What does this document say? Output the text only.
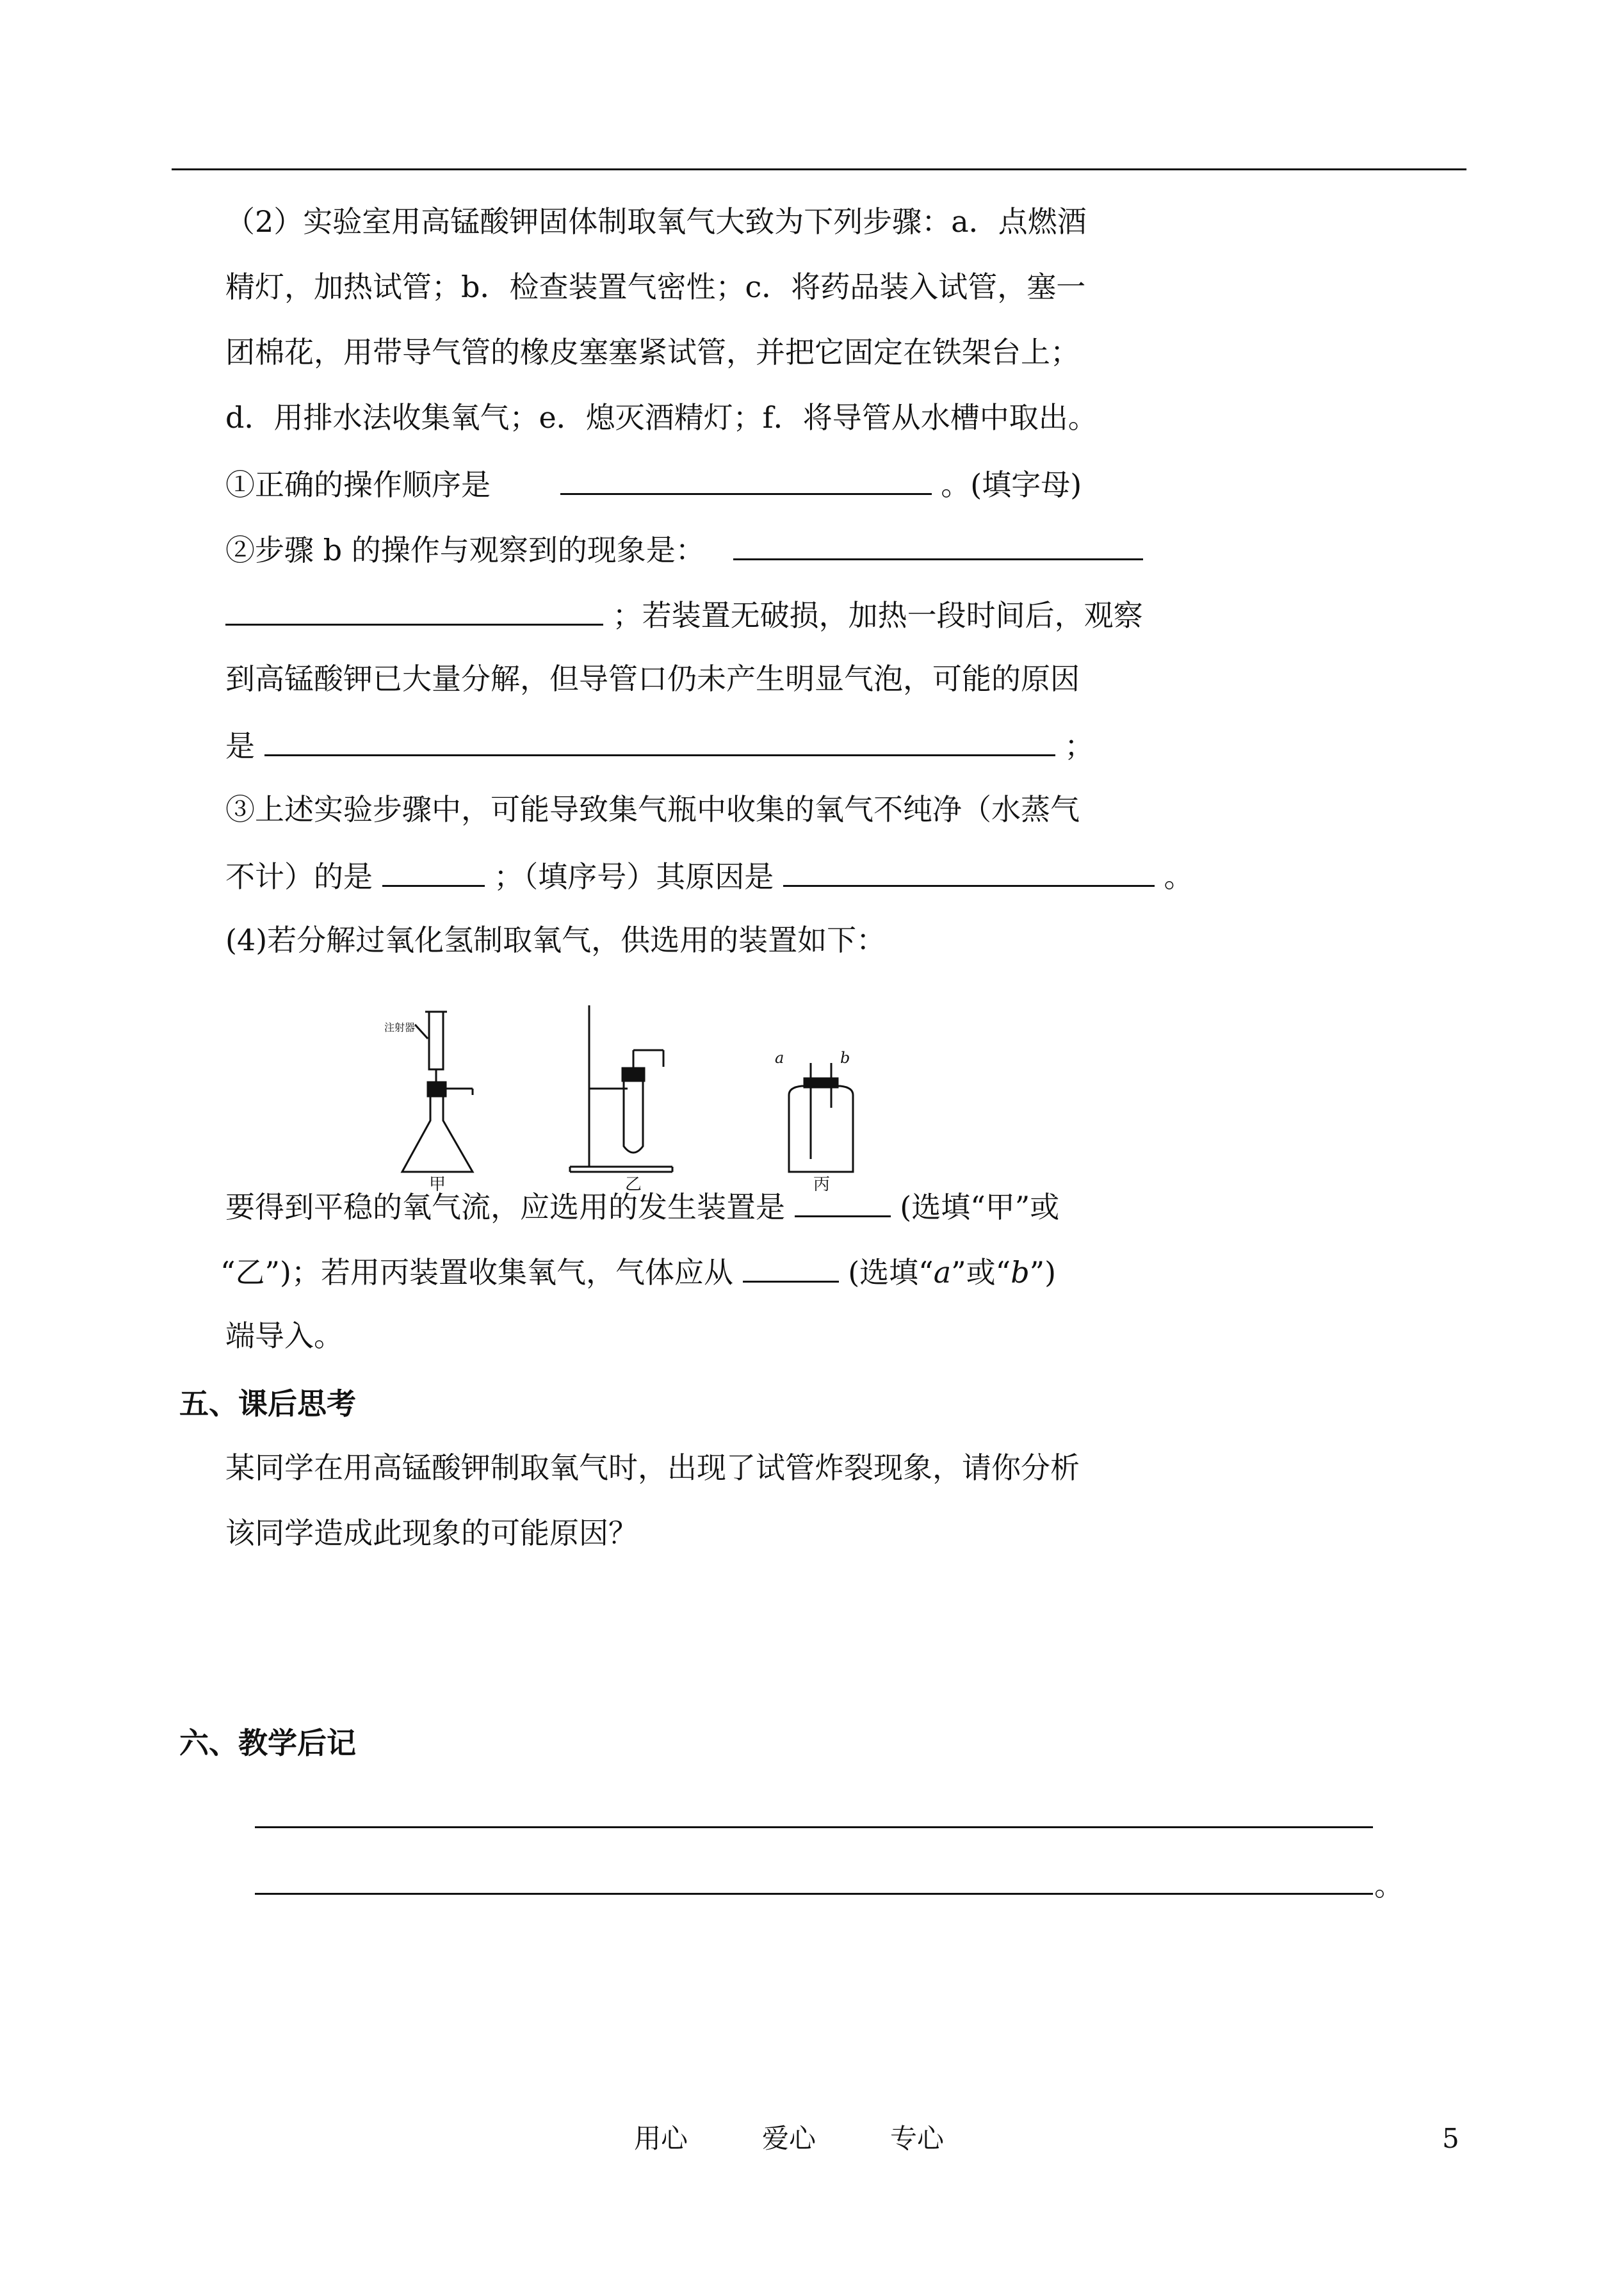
（2）实验室用高锰酸钾固体制取氧气大致为下列步骤：a．点燃酒
精灯，加热试管；b．检查装置气密性；c．将药品装入试管，塞一
团棉花，用带导气管的橡皮塞塞紧试管，并把它固定在铁架台上；
d．用排水法收集氧气；e．熄灭酒精灯；f．将导管从水槽中取出。
①正确的操作顺序是	。(填字母)
②步骤 b 的操作与观察到的现象是：
；若装置无破损，加热一段时间后，观察
到高锰酸钾已大量分解，但导管口仍未产生明显气泡，可能的原因
是	；
③上述实验步骤中，可能导致集气瓶中收集的氧气不纯净（水蒸气
不计）的是	；（填序号）其原因是	。
(4)若分解过氧化氢制取氧气，供选用的装置如下：
注射器
甲	乙
a	b
丙
要得到平稳的氧气流，应选用的发生装置是	(选填“甲”或
“乙”)；若用丙装置收集氧气，气体应从	(选填“a”或“b”)
端导入。
五、课后思考
某同学在用高锰酸钾制取氧气时，出现了试管炸裂现象，请你分析
该同学造成此现象的可能原因？
六、教学后记
。
用心	爱心	专心	5
